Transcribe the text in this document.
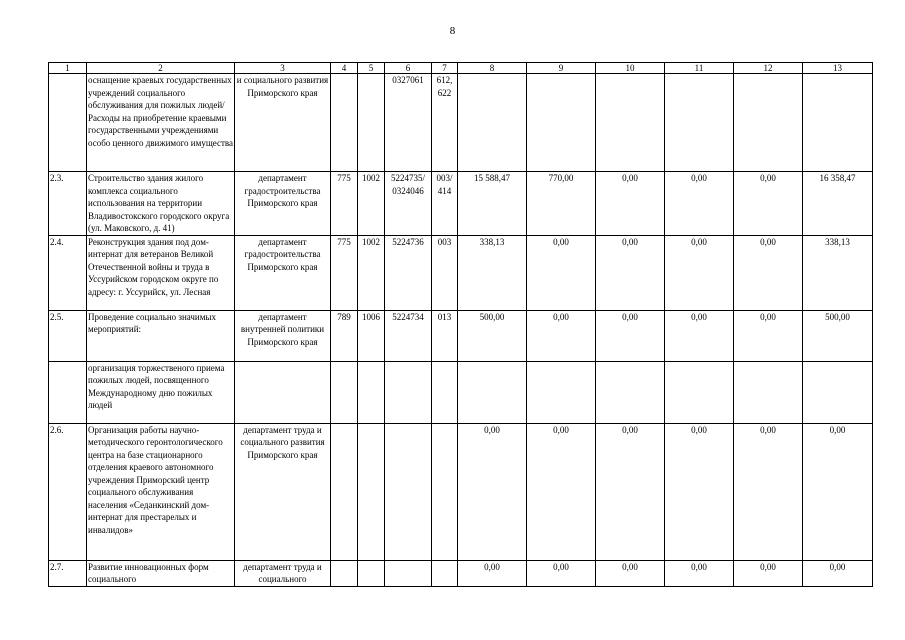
8
1	2	3	4	5	6	7	8	9	10	11	12	13
	оснащение краевых государственных учреждений социального обслуживания для пожилых людей/Расходы на приобретение краевыми государственными учреждениями особо ценного движимого имущества	и социального развития Приморского края			0327061	612, 622						
2.3.	Строительство здания жилого комплекса социального использования на территории Владивостокского городского округа (ул. Маковского, д. 41)	департамент градостроительства Приморского края	775	1002	5224735/ 0324046	003/ 414	15 588,47	770,00	0,00	0,00	0,00	16 358,47
2.4.	Реконструкция здания под дом-интернат для ветеранов Великой Отечественной войны и труда в Уссурийском городском округе по адресу: г. Уссурийск, ул. Лесная	департамент градостроительства Приморского края	775	1002	5224736	003	338,13	0,00	0,00	0,00	0,00	338,13
2.5.	Проведение социально значимых мероприятий:	департамент внутренней политики Приморского края	789	1006	5224734	013	500,00	0,00	0,00	0,00	0,00	500,00
	организация торжественого приема пожилых людей, посвященного Международному дню пожилых людей											
2.6.	Организация работы научно-методического геронтологического центра на базе стационарного отделения краевого автономного учреждения Приморский центр социального обслуживания населения «Седанкинский дом-интернат для престарелых и инвалидов»	департамент труда и социального развития Приморского края					0,00	0,00	0,00	0,00	0,00	0,00
2.7.	Развитие инновационных форм социального	департамент труда и социального					0,00	0,00	0,00	0,00	0,00	0,00
